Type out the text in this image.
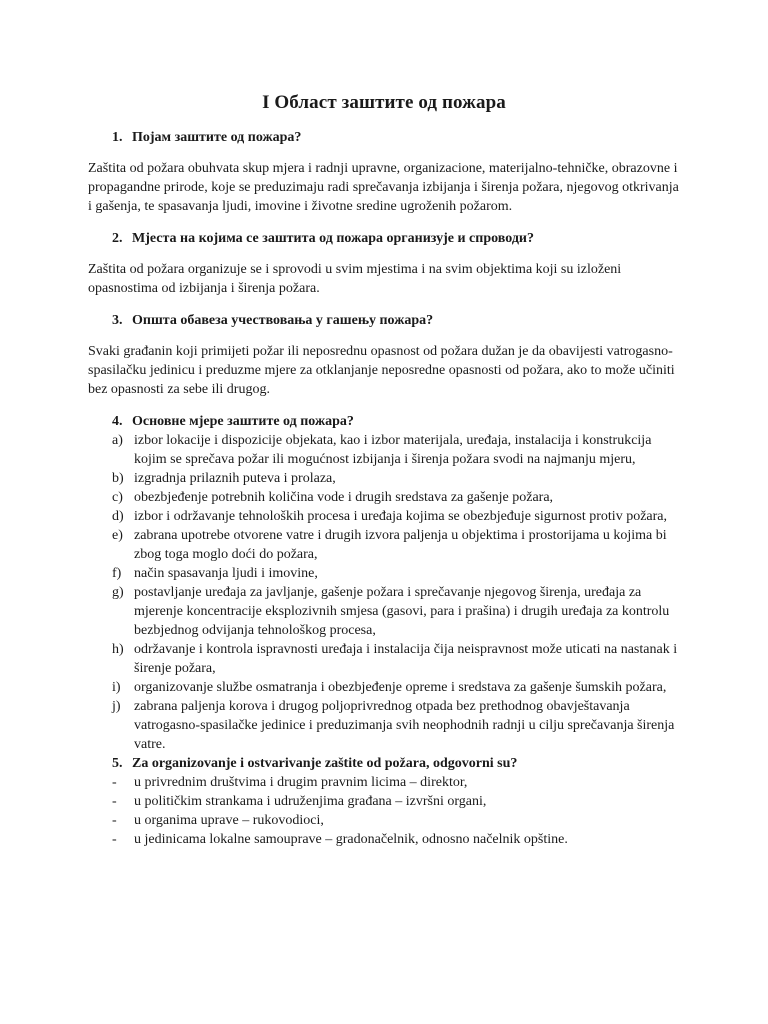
I Област заштите од пожара
1. Појам заштите од пожара?

Zaštita od požara obuhvata skup mjera i radnji upravne, organizacione, materijalno-tehničke, obrazovne i propagandne prirode, koje se preduzimaju radi sprečavanja izbijanja i širenja požara, njegovog otkrivanja i gašenja, te spasavanja ljudi, imovine i životne sredine ugroženih požarom.

2. Мјеста на којима се заштита од пожара организује и спроводи?

Zaštita od požara organizuje se i sprovodi u svim mjestima i na svim objektima koji su izloženi opasnostima od izbijanja i širenja požara.

3. Општа обавеза учествовања у гашењу пожара?

Svaki građanin koji primijeti požar ili neposrednu opasnost od požara dužan je da obavijesti vatrogasno-spasilačku jedinicu i preduzme mjere za otklanjanje neposredne opasnosti od požara, ako to može učiniti bez opasnosti za sebe ili drugog.

4. Основне мјере заштите од пожара?
a) izbor lokacije i dispozicije objekata, kao i izbor materijala, uređaja, instalacija i konstrukcija kojim se sprečava požar ili mogućnost izbijanja i širenja požara svodi na najmanju mjeru,
b) izgradnja prilaznih puteva i prolaza,
c) obezbjeđenje potrebnih količina vode i drugih sredstava za gašenje požara,
d) izbor i održavanje tehnoloških procesa i uređaja kojima se obezbjeđuje sigurnost protiv požara,
e) zabrana upotrebe otvorene vatre i drugih izvora paljenja u objektima i prostorijama u kojima bi zbog toga moglo doći do požara,
f) način spasavanja ljudi i imovine,
g) postavljanje uređaja za javljanje, gašenje požara i sprečavanje njegovog širenja, uređaja za mjerenje koncentracije eksplozivnih smjesa (gasovi, para i prašina) i drugih uređaja za kontrolu bezbjednog odvijanja tehnološkog procesa,
h) održavanje i kontrola ispravnosti uređaja i instalacija čija neispravnost može uticati na nastanak i širenje požara,
i) organizovanje službe osmatranja i obezbjeđenje opreme i sredstava za gašenje šumskih požara,
j) zabrana paljenja korova i drugog poljoprivrednog otpada bez prethodnog obavještavanja vatrogasno-spasilačke jedinice i preduzimanja svih neophodnih radnji u cilju sprečavanja širenja vatre.
5. Za organizovanje i ostvarivanje zaštite od požara, odgovorni su?
-	u privrednim društvima i drugim pravnim licima – direktor,
-	u političkim strankama i udruženjima građana – izvršni organi,
-	u organima uprave – rukovodioci,
-	u jedinicama lokalne samouprave – gradonačelnik, odnosno načelnik opštine.
